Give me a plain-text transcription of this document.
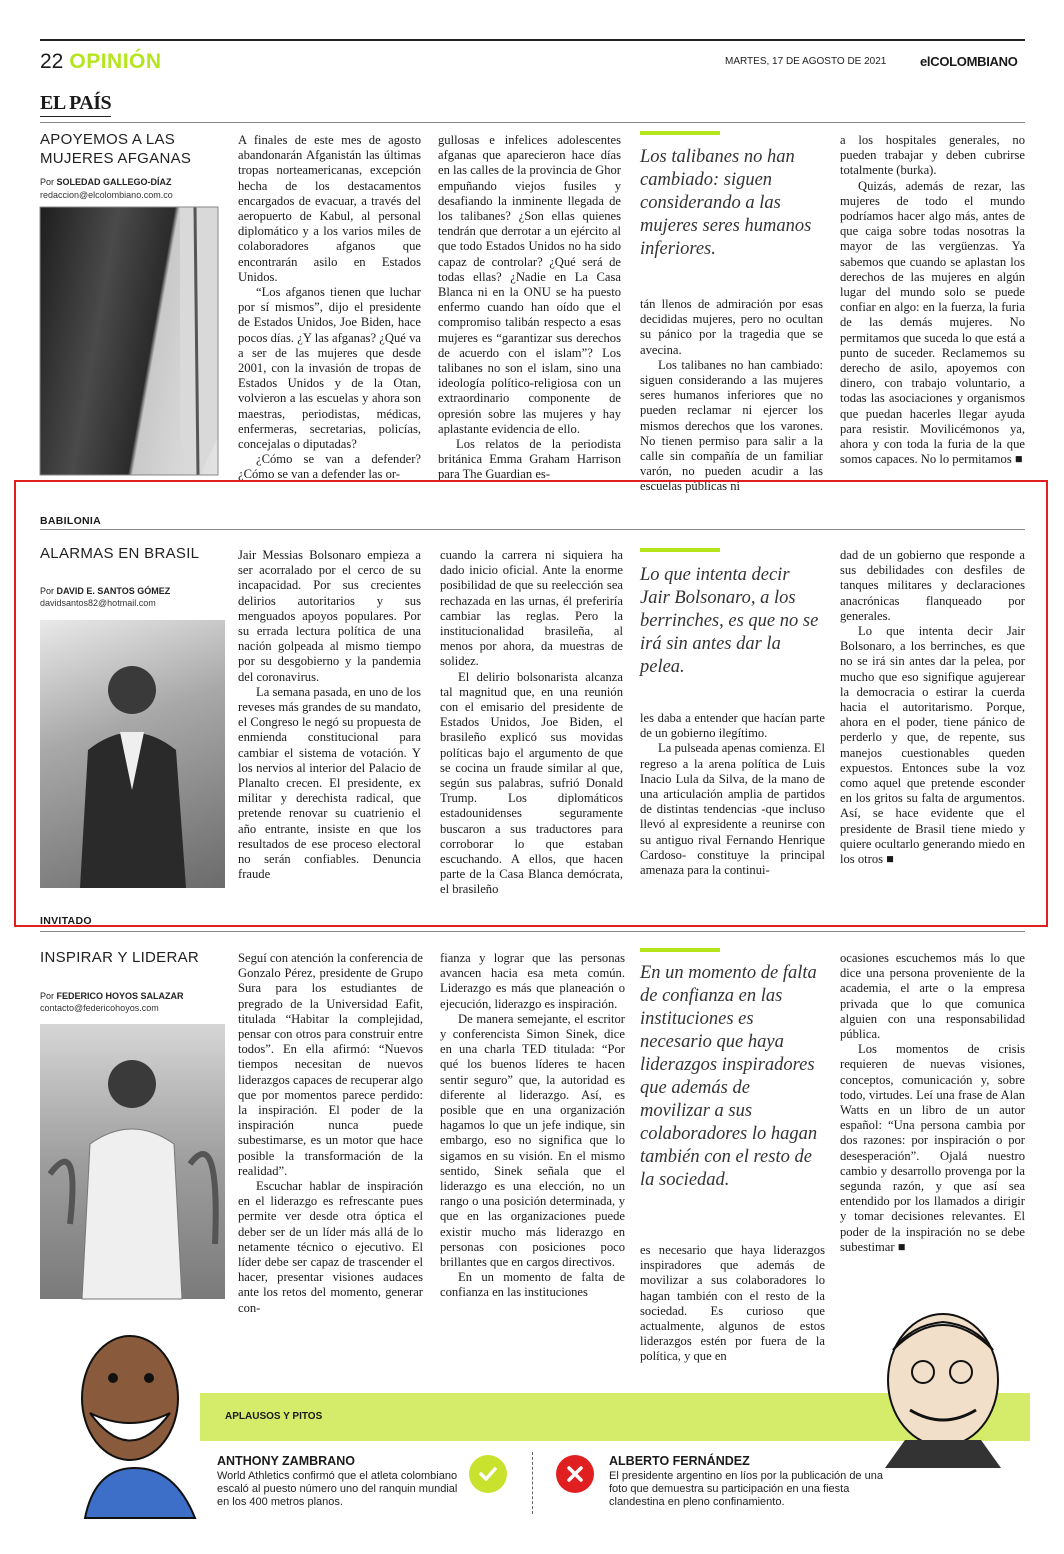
22 OPINIÓN	MARTES, 17 DE AGOSTO DE 2021	elCOLOMBIANO
EL PAÍS
APOYEMOS A LAS MUJERES AFGANAS
Por SOLEDAD GALLEGO-DÍAZ
redaccion@elcolombiano.com.co

A finales de este mes de agosto abandonarán Afganistán las últimas tropas norteamericanas, excepción hecha de los destacamentos encargados de evacuar, a través del aeropuerto de Kabul, al personal diplomático y a los varios miles de colaboradores afganos que encontrarán asilo en Estados Unidos.

“Los afganos tienen que luchar por sí mismos”, dijo el presidente de Estados Unidos, Joe Biden, hace pocos días. ¿Y las afganas? ¿Qué va a ser de las mujeres que desde 2001, con la invasión de tropas de Estados Unidos y de la Otan, volvieron a las escuelas y ahora son maestras, periodistas, médicas, enfermeras, secretarias, policías, concejalas o diputadas?

¿Cómo se van a defender? ¿Cómo se van a defender las or-

gullosas e infelices adolescentes afganas que aparecieron hace días en las calles de la provincia de Ghor empuñando viejos fusiles y desafiando la inminente llegada de los talibanes? ¿Son ellas quienes tendrán que derrotar a un ejército al que todo Estados Unidos no ha sido capaz de controlar? ¿Qué será de todas ellas? ¿Nadie en La Casa Blanca ni en la ONU se ha puesto enfermo cuando han oído que el compromiso talibán respecto a esas mujeres es “garantizar sus derechos de acuerdo con el islam”? Los talibanes no son el islam, sino una ideología político-religiosa con un extraordinario componente de opresión sobre las mujeres y hay aplastante evidencia de ello.

Los relatos de la periodista británica Emma Graham Harrison para The Guardian es-

Los talibanes no han cambiado: siguen considerando a las mujeres seres humanos inferiores.

tán llenos de admiración por esas decididas mujeres, pero no ocultan su pánico por la tragedia que se avecina.

Los talibanes no han cambiado: siguen considerando a las mujeres seres humanos inferiores que no pueden reclamar ni ejercer los mismos derechos que los varones. No tienen permiso para salir a la calle sin compañía de un familiar varón, no pueden acudir a las escuelas públicas ni

a los hospitales generales, no pueden trabajar y deben cubrirse totalmente (burka).

Quizás, además de rezar, las mujeres de todo el mundo podríamos hacer algo más, antes de que caiga sobre todas nosotras la mayor de las vergüenzas. Ya sabemos que cuando se aplastan los derechos de las mujeres en algún lugar del mundo solo se puede confiar en algo: en la fuerza, la furia de las demás mujeres. No permitamos que suceda lo que está a punto de suceder. Reclamemos su derecho de asilo, apoyemos con dinero, con trabajo voluntario, a todas las asociaciones y organismos que puedan hacerles llegar ayuda para resistir. Movilicémonos ya, ahora y con toda la furia de la que somos capaces. No lo permitamos ■

BABILONIA
ALARMAS EN BRASIL
Por DAVID E. SANTOS GÓMEZ
davidsantos82@hotmail.com

Jair Messias Bolsonaro empieza a ser acorralado por el cerco de su incapacidad. Por sus crecientes delirios autoritarios y sus menguados apoyos populares. Por su errada lectura política de una nación golpeada al mismo tiempo por su desgobierno y la pandemia del coronavirus.

La semana pasada, en uno de los reveses más grandes de su mandato, el Congreso le negó su propuesta de enmienda constitucional para cambiar el sistema de votación. Y los nervios al interior del Palacio de Planalto crecen. El presidente, ex militar y derechista radical, que pretende renovar su cuatrienio el año entrante, insiste en que los resultados de ese proceso electoral no serán confiables. Denuncia fraude

cuando la carrera ni siquiera ha dado inicio oficial. Ante la enorme posibilidad de que su reelección sea rechazada en las urnas, él preferiría cambiar las reglas. Pero la institucionalidad brasileña, al menos por ahora, da muestras de solidez.

El delirio bolsonarista alcanza tal magnitud que, en una reunión con el emisario del presidente de Estados Unidos, Joe Biden, el brasileño explicó sus movidas políticas bajo el argumento de que se cocina un fraude similar al que, según sus palabras, sufrió Donald Trump. Los diplomáticos estadounidenses seguramente buscaron a sus traductores para corroborar lo que estaban escuchando. A ellos, que hacen parte de la Casa Blanca demócrata, el brasileño

Lo que intenta decir Jair Bolsonaro, a los berrinches, es que no se irá sin antes dar la pelea.

les daba a entender que hacían parte de un gobierno ilegítimo.

La pulseada apenas comienza. El regreso a la arena política de Luis Inacio Lula da Silva, de la mano de una articulación amplia de partidos de distintas tendencias -que incluso llevó al expresidente a reunirse con su antiguo rival Fernando Henrique Cardoso- constituye la principal amenaza para la continui-

dad de un gobierno que responde a sus debilidades con desfiles de tanques militares y declaraciones anacrónicas flanqueado por generales.

Lo que intenta decir Jair Bolsonaro, a los berrinches, es que no se irá sin antes dar la pelea, por mucho que eso signifique agujerear la democracia o estirar la cuerda hacia el autoritarismo. Porque, ahora en el poder, tiene pánico de perderlo y que, de repente, sus manejos cuestionables queden expuestos. Entonces sube la voz como aquel que pretende esconder en los gritos su falta de argumentos. Así, se hace evidente que el presidente de Brasil tiene miedo y quiere ocultarlo generando miedo en los otros ■

INVITADO
INSPIRAR Y LIDERAR
Por FEDERICO HOYOS SALAZAR
contacto@federicohoyos.com

Seguí con atención la conferencia de Gonzalo Pérez, presidente de Grupo Sura para los estudiantes de pregrado de la Universidad Eafit, titulada “Habitar la complejidad, pensar con otros para construir entre todos”. En ella afirmó: “Nuevos tiempos necesitan de nuevos liderazgos capaces de recuperar algo que por momentos parece perdido: la inspiración. El poder de la inspiración nunca puede subestimarse, es un motor que hace posible la transformación de la realidad”.

Escuchar hablar de inspiración en el liderazgo es refrescante pues permite ver desde otra óptica el deber ser de un líder más allá de lo netamente técnico o ejecutivo. El líder debe ser capaz de trascender el hacer, presentar visiones audaces ante los retos del momento, generar con-

fianza y lograr que las personas avancen hacia esa meta común. Liderazgo es más que planeación o ejecución, liderazgo es inspiración.

De manera semejante, el escritor y conferencista Simon Sinek, dice en una charla TED titulada: “Por qué los buenos líderes te hacen sentir seguro” que, la autoridad es diferente al liderazgo. Así, es posible que en una organización hagamos lo que un jefe indique, sin embargo, eso no significa que lo sigamos en su visión. En el mismo sentido, Sinek señala que el liderazgo es una elección, no un rango o una posición determinada, y que en las organizaciones puede existir mucho más liderazgo en personas con posiciones poco brillantes que en cargos directivos.

En un momento de falta de confianza en las instituciones

En un momento de falta de confianza en las instituciones es necesario que haya liderazgos inspiradores que además de movilizar a sus colaboradores lo hagan también con el resto de la sociedad.

es necesario que haya liderazgos inspiradores que además de movilizar a sus colaboradores lo hagan también con el resto de la sociedad. Es curioso que actualmente, algunos de estos liderazgos estén por fuera de la política, y que en

ocasiones escuchemos más lo que dice una persona proveniente de la academia, el arte o la empresa privada que lo que comunica alguien con una responsabilidad pública.

Los momentos de crisis requieren de nuevas visiones, conceptos, comunicación y, sobre todo, virtudes. Leí una frase de Alan Watts en un libro de un autor español: “Una persona cambia por dos razones: por inspiración o por desesperación”. Ojalá nuestro cambio y desarrollo provenga por la segunda razón, y que así sea entendido por los llamados a dirigir y tomar decisiones relevantes. El poder de la inspiración no se debe subestimar ■

APLAUSOS Y PITOS
ANTHONY ZAMBRANO
World Athletics confirmó que el atleta colombiano escaló al puesto número uno del ranquin mundial en los 400 metros planos.
ALBERTO FERNÁNDEZ
El presidente argentino en líos por la publicación de una foto que demuestra su participación en una fiesta clandestina en pleno confinamiento.
